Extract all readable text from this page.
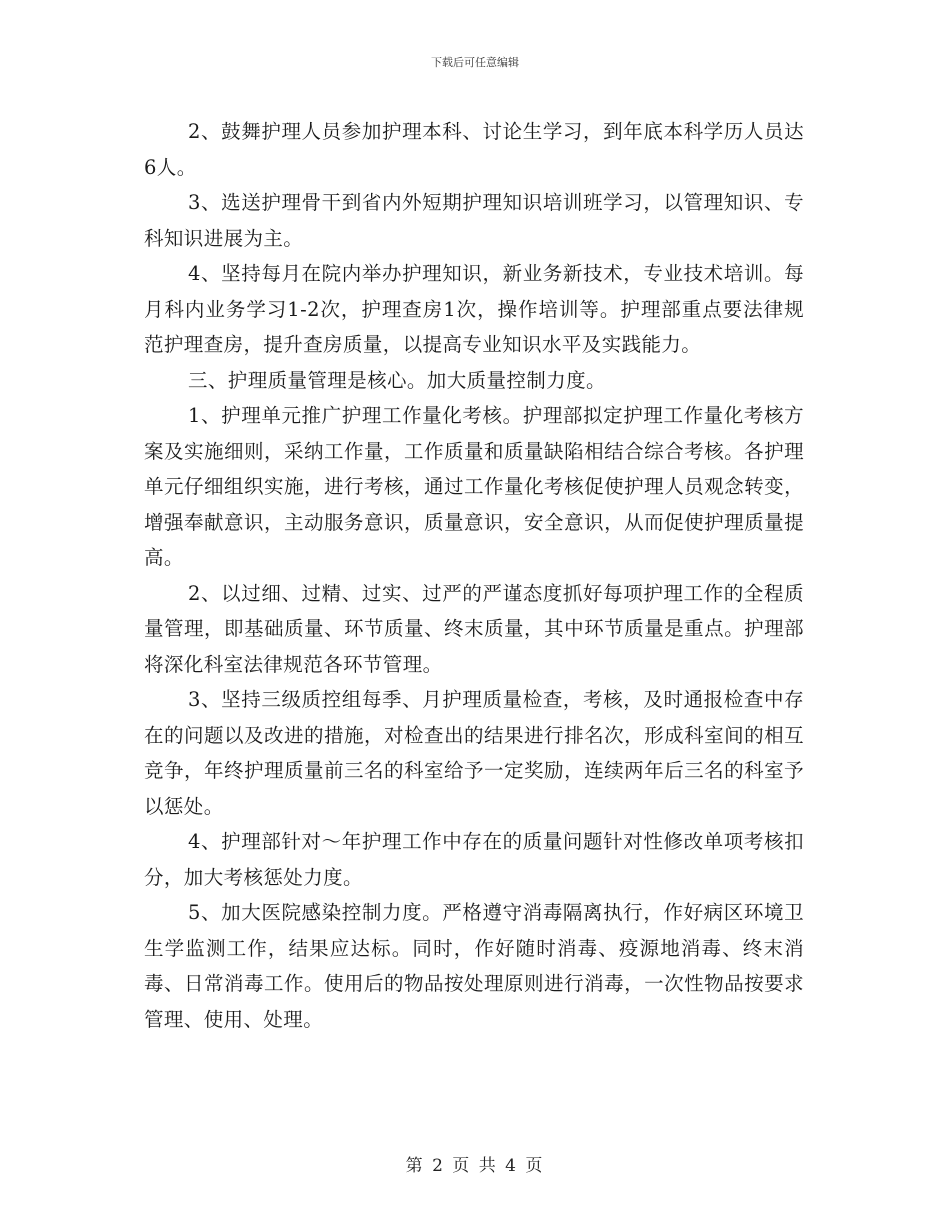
下载后可任意编辑

2、鼓舞护理人员参加护理本科、讨论生学习，到年底本科学历人员达6人。

3、选送护理骨干到省内外短期护理知识培训班学习，以管理知识、专科知识进展为主。

4、坚持每月在院内举办护理知识，新业务新技术，专业技术培训。每月科内业务学习1-2次，护理查房1次，操作培训等。护理部重点要法律规范护理查房，提升查房质量，以提高专业知识水平及实践能力。

三、护理质量管理是核心。加大质量控制力度。

1、护理单元推广护理工作量化考核。护理部拟定护理工作量化考核方案及实施细则，采纳工作量，工作质量和质量缺陷相结合综合考核。各护理单元仔细组织实施，进行考核，通过工作量化考核促使护理人员观念转变，增强奉献意识，主动服务意识，质量意识，安全意识，从而促使护理质量提高。

2、以过细、过精、过实、过严的严谨态度抓好每项护理工作的全程质量管理，即基础质量、环节质量、终末质量，其中环节质量是重点。护理部将深化科室法律规范各环节管理。

3、坚持三级质控组每季、月护理质量检查，考核，及时通报检查中存在的问题以及改进的措施，对检查出的结果进行排名次，形成科室间的相互竞争，年终护理质量前三名的科室给予一定奖励，连续两年后三名的科室予以惩处。

4、护理部针对～年护理工作中存在的质量问题针对性修改单项考核扣分，加大考核惩处力度。

5、加大医院感染控制力度。严格遵守消毒隔离执行，作好病区环境卫生学监测工作，结果应达标。同时，作好随时消毒、疫源地消毒、终末消毒、日常消毒工作。使用后的物品按处理原则进行消毒，一次性物品按要求管理、使用、处理。

第 2 页 共 4 页
